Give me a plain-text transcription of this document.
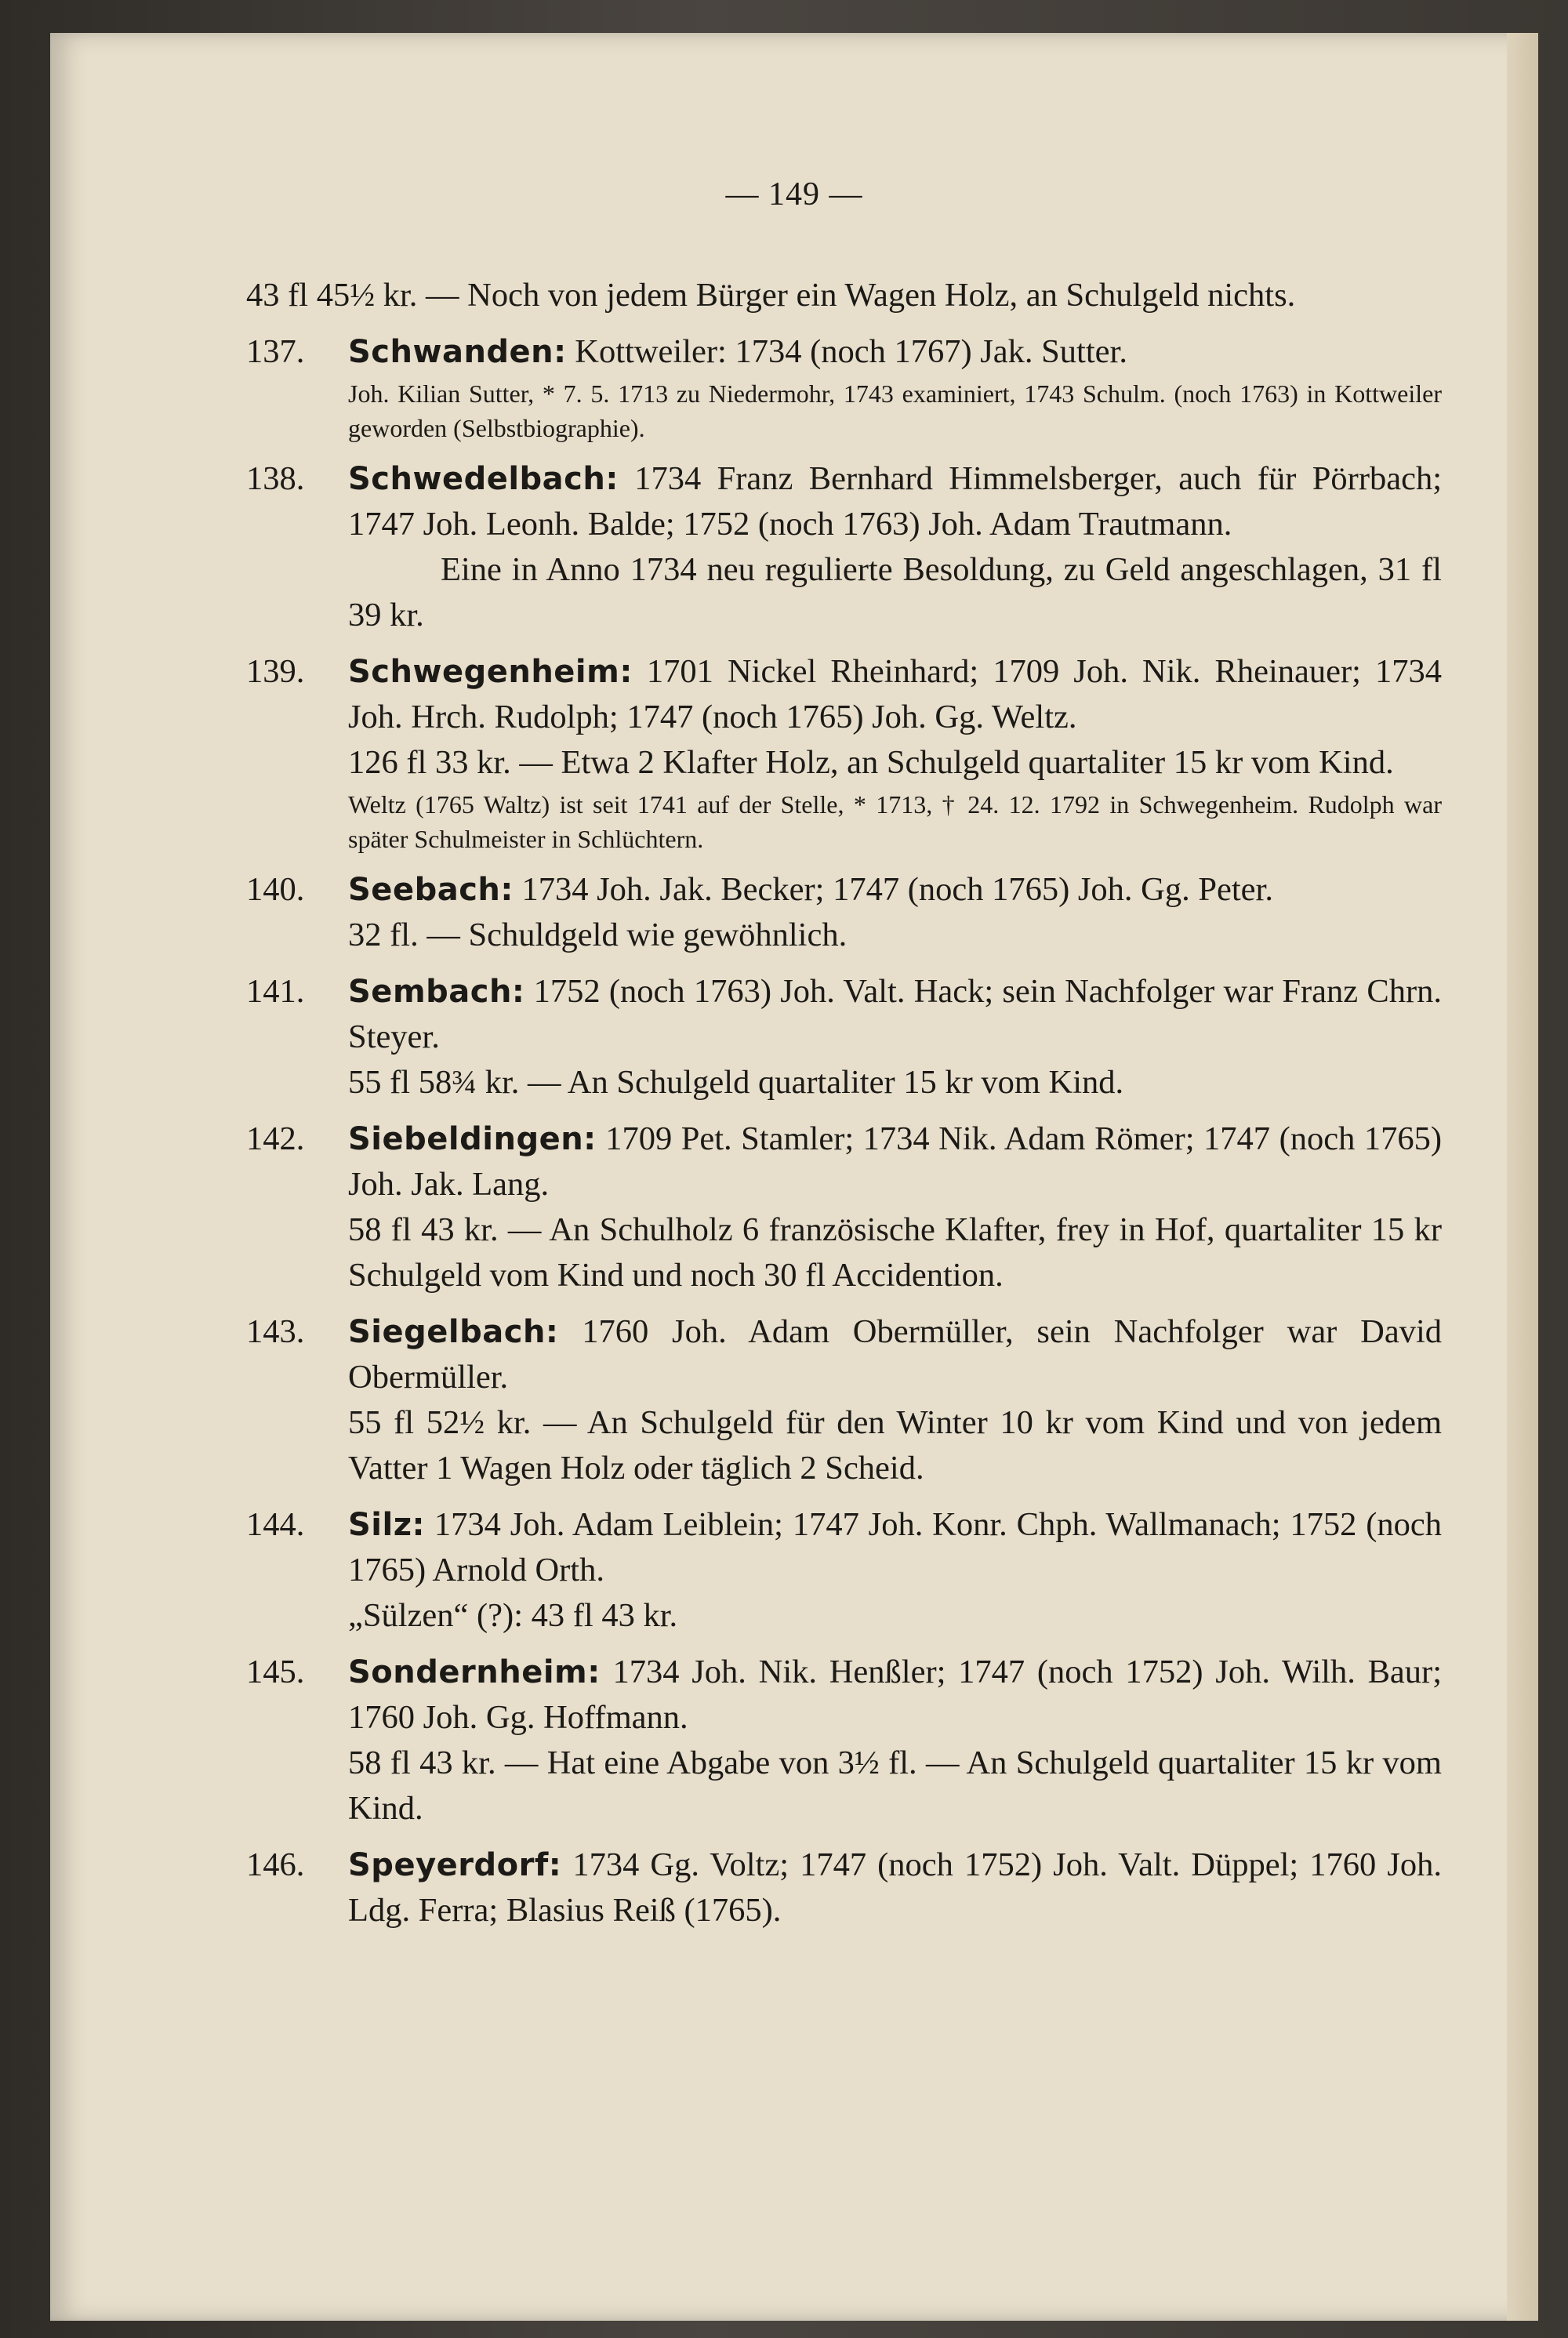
— 149 —

43 fl 45½ kr. — Noch von jedem Bürger ein Wagen Holz, an Schulgeld nichts.

137. Schwanden: Kottweiler: 1734 (noch 1767) Jak. Sutter.

Joh. Kilian Sutter, * 7. 5. 1713 zu Niedermohr, 1743 examiniert, 1743 Schulm. (noch 1763) in Kottweiler geworden (Selbstbiographie).

138. Schwedelbach: 1734 Franz Bernhard Himmelsberger, auch für Pörrbach; 1747 Joh. Leonh. Balde; 1752 (noch 1763) Joh. Adam Trautmann.

Eine in Anno 1734 neu regulierte Besoldung, zu Geld angeschlagen, 31 fl 39 kr.

139. Schwegenheim: 1701 Nickel Rheinhard; 1709 Joh. Nik. Rheinauer; 1734 Joh. Hrch. Rudolph; 1747 (noch 1765) Joh. Gg. Weltz.

126 fl 33 kr. — Etwa 2 Klafter Holz, an Schulgeld quartaliter 15 kr vom Kind.

Weltz (1765 Waltz) ist seit 1741 auf der Stelle, * 1713, † 24. 12. 1792 in Schwegenheim. Rudolph war später Schulmeister in Schlüchtern.

140. Seebach: 1734 Joh. Jak. Becker; 1747 (noch 1765) Joh. Gg. Peter.

32 fl. — Schuldgeld wie gewöhnlich.

141. Sembach: 1752 (noch 1763) Joh. Valt. Hack; sein Nachfolger war Franz Chrn. Steyer.

55 fl 58¾ kr. — An Schulgeld quartaliter 15 kr vom Kind.

142. Siebeldingen: 1709 Pet. Stamler; 1734 Nik. Adam Römer; 1747 (noch 1765) Joh. Jak. Lang.

58 fl 43 kr. — An Schulholz 6 französische Klafter, frey in Hof, quartaliter 15 kr Schulgeld vom Kind und noch 30 fl Accidention.

143. Siegelbach: 1760 Joh. Adam Obermüller, sein Nachfolger war David Obermüller.

55 fl 52½ kr. — An Schulgeld für den Winter 10 kr vom Kind und von jedem Vatter 1 Wagen Holz oder täglich 2 Scheid.

144. Silz: 1734 Joh. Adam Leiblein; 1747 Joh. Konr. Chph. Wallmanach; 1752 (noch 1765) Arnold Orth.

„Sülzen“ (?): 43 fl 43 kr.

145. Sondernheim: 1734 Joh. Nik. Henßler; 1747 (noch 1752) Joh. Wilh. Baur; 1760 Joh. Gg. Hoffmann.

58 fl 43 kr. — Hat eine Abgabe von 3½ fl. — An Schulgeld quartaliter 15 kr vom Kind.

146. Speyerdorf: 1734 Gg. Voltz; 1747 (noch 1752) Joh. Valt. Düppel; 1760 Joh. Ldg. Ferra; Blasius Reiß (1765).
